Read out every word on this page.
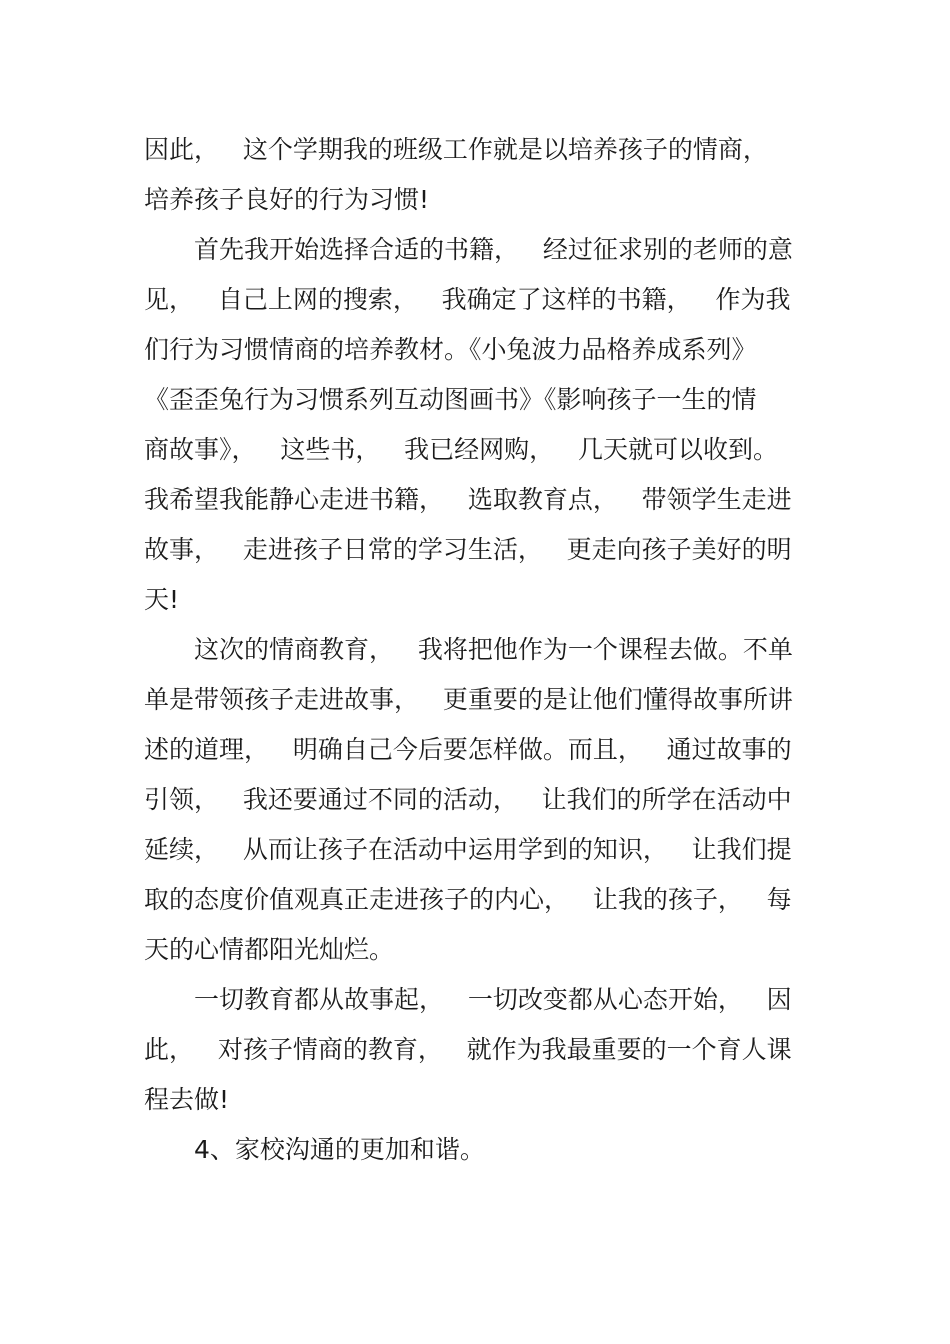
因此，   这个学期我的班级工作就是以培养孩子的情商，
培养孩子良好的行为习惯!
首先我开始选择合适的书籍，   经过征求别的老师的意
见，   自己上网的搜索，   我确定了这样的书籍，   作为我
们行为习惯情商的培养教材。《小兔波力品格养成系列》
《歪歪兔行为习惯系列互动图画书》《影响孩子一生的情
商故事》，   这些书，   我已经网购，   几天就可以收到。
我希望我能静心走进书籍，   选取教育点，   带领学生走进
故事，   走进孩子日常的学习生活，   更走向孩子美好的明
天!
这次的情商教育，   我将把他作为一个课程去做。不单
单是带领孩子走进故事，   更重要的是让他们懂得故事所讲
述的道理，   明确自己今后要怎样做。而且，   通过故事的
引领，   我还要通过不同的活动，   让我们的所学在活动中
延续，   从而让孩子在活动中运用学到的知识，   让我们提
取的态度价值观真正走进孩子的内心，   让我的孩子，   每
天的心情都阳光灿烂。
一切教育都从故事起，   一切改变都从心态开始，   因
此，   对孩子情商的教育，   就作为我最重要的一个育人课
程去做!
4、家校沟通的更加和谐。
